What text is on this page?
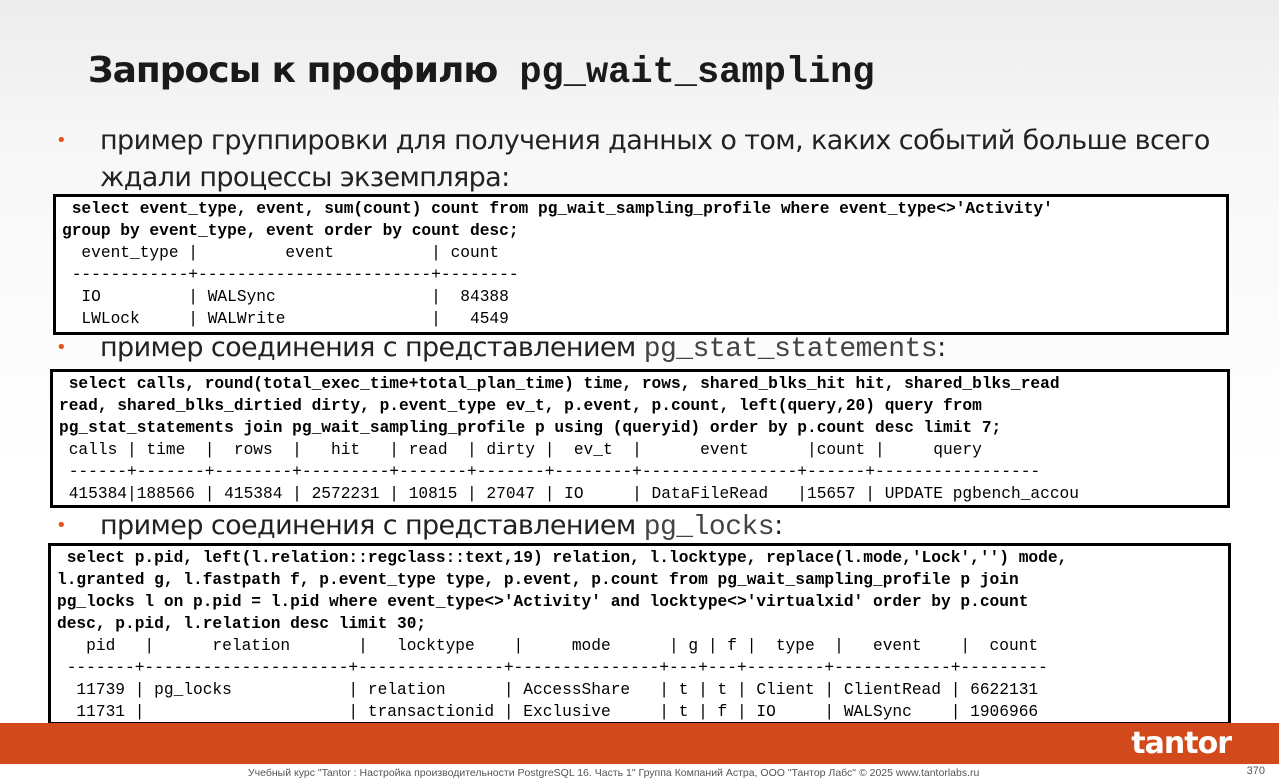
Запросы к профилю pg_wait_sampling
• пример группировки для получения данных о том, каких событий больше всего
ждали процессы экземпляра:
select event_type, event, sum(count) count from pg_wait_sampling_profile where event_type<>'Activity'
group by event_type, event order by count desc;
event_type |         event          | count
------------+------------------------+--------
IO         | WALSync                |  84388
LWLock     | WALWrite               |   4549
• пример соединения с представлением pg_stat_statements:
select calls, round(total_exec_time+total_plan_time) time, rows, shared_blks_hit hit, shared_blks_read
read, shared_blks_dirtied dirty, p.event_type ev_t, p.event, p.count, left(query,20) query from
pg_stat_statements join pg_wait_sampling_profile p using (queryid) order by p.count desc limit 7;
calls | time  |  rows  |   hit   | read  | dirty |  ev_t  |      event      |count |     query
------+-------+--------+---------+-------+-------+--------+----------------+------+-----------------
415384|188566 | 415384 | 2572231 | 10815 | 27047 | IO     | DataFileRead   |15657 | UPDATE pgbench_accou
• пример соединения с представлением pg_locks:
select p.pid, left(l.relation::regclass::text,19) relation, l.locktype, replace(l.mode,'Lock','') mode,
l.granted g, l.fastpath f, p.event_type type, p.event, p.count from pg_wait_sampling_profile p join
pg_locks l on p.pid = l.pid where event_type<>'Activity' and locktype<>'virtualxid' order by p.count
desc, p.pid, l.relation desc limit 30;
pid   |      relation       |   locktype    |     mode      | g | f |  type  |   event    |  count
-------+---------------------+---------------+---------------+---+---+--------+------------+---------
11739 | pg_locks            | relation      | AccessShare   | t | t | Client | ClientRead | 6622131
11731 |                     | transactionid | Exclusive     | t | f | IO     | WALSync    | 1906966
tantor
Учебный курс "Tantor : Настройка производительности PostgreSQL 16. Часть 1" Группа Компаний Астра, ООО "Тантор Лабс" © 2025 www.tantorlabs.ru	370
